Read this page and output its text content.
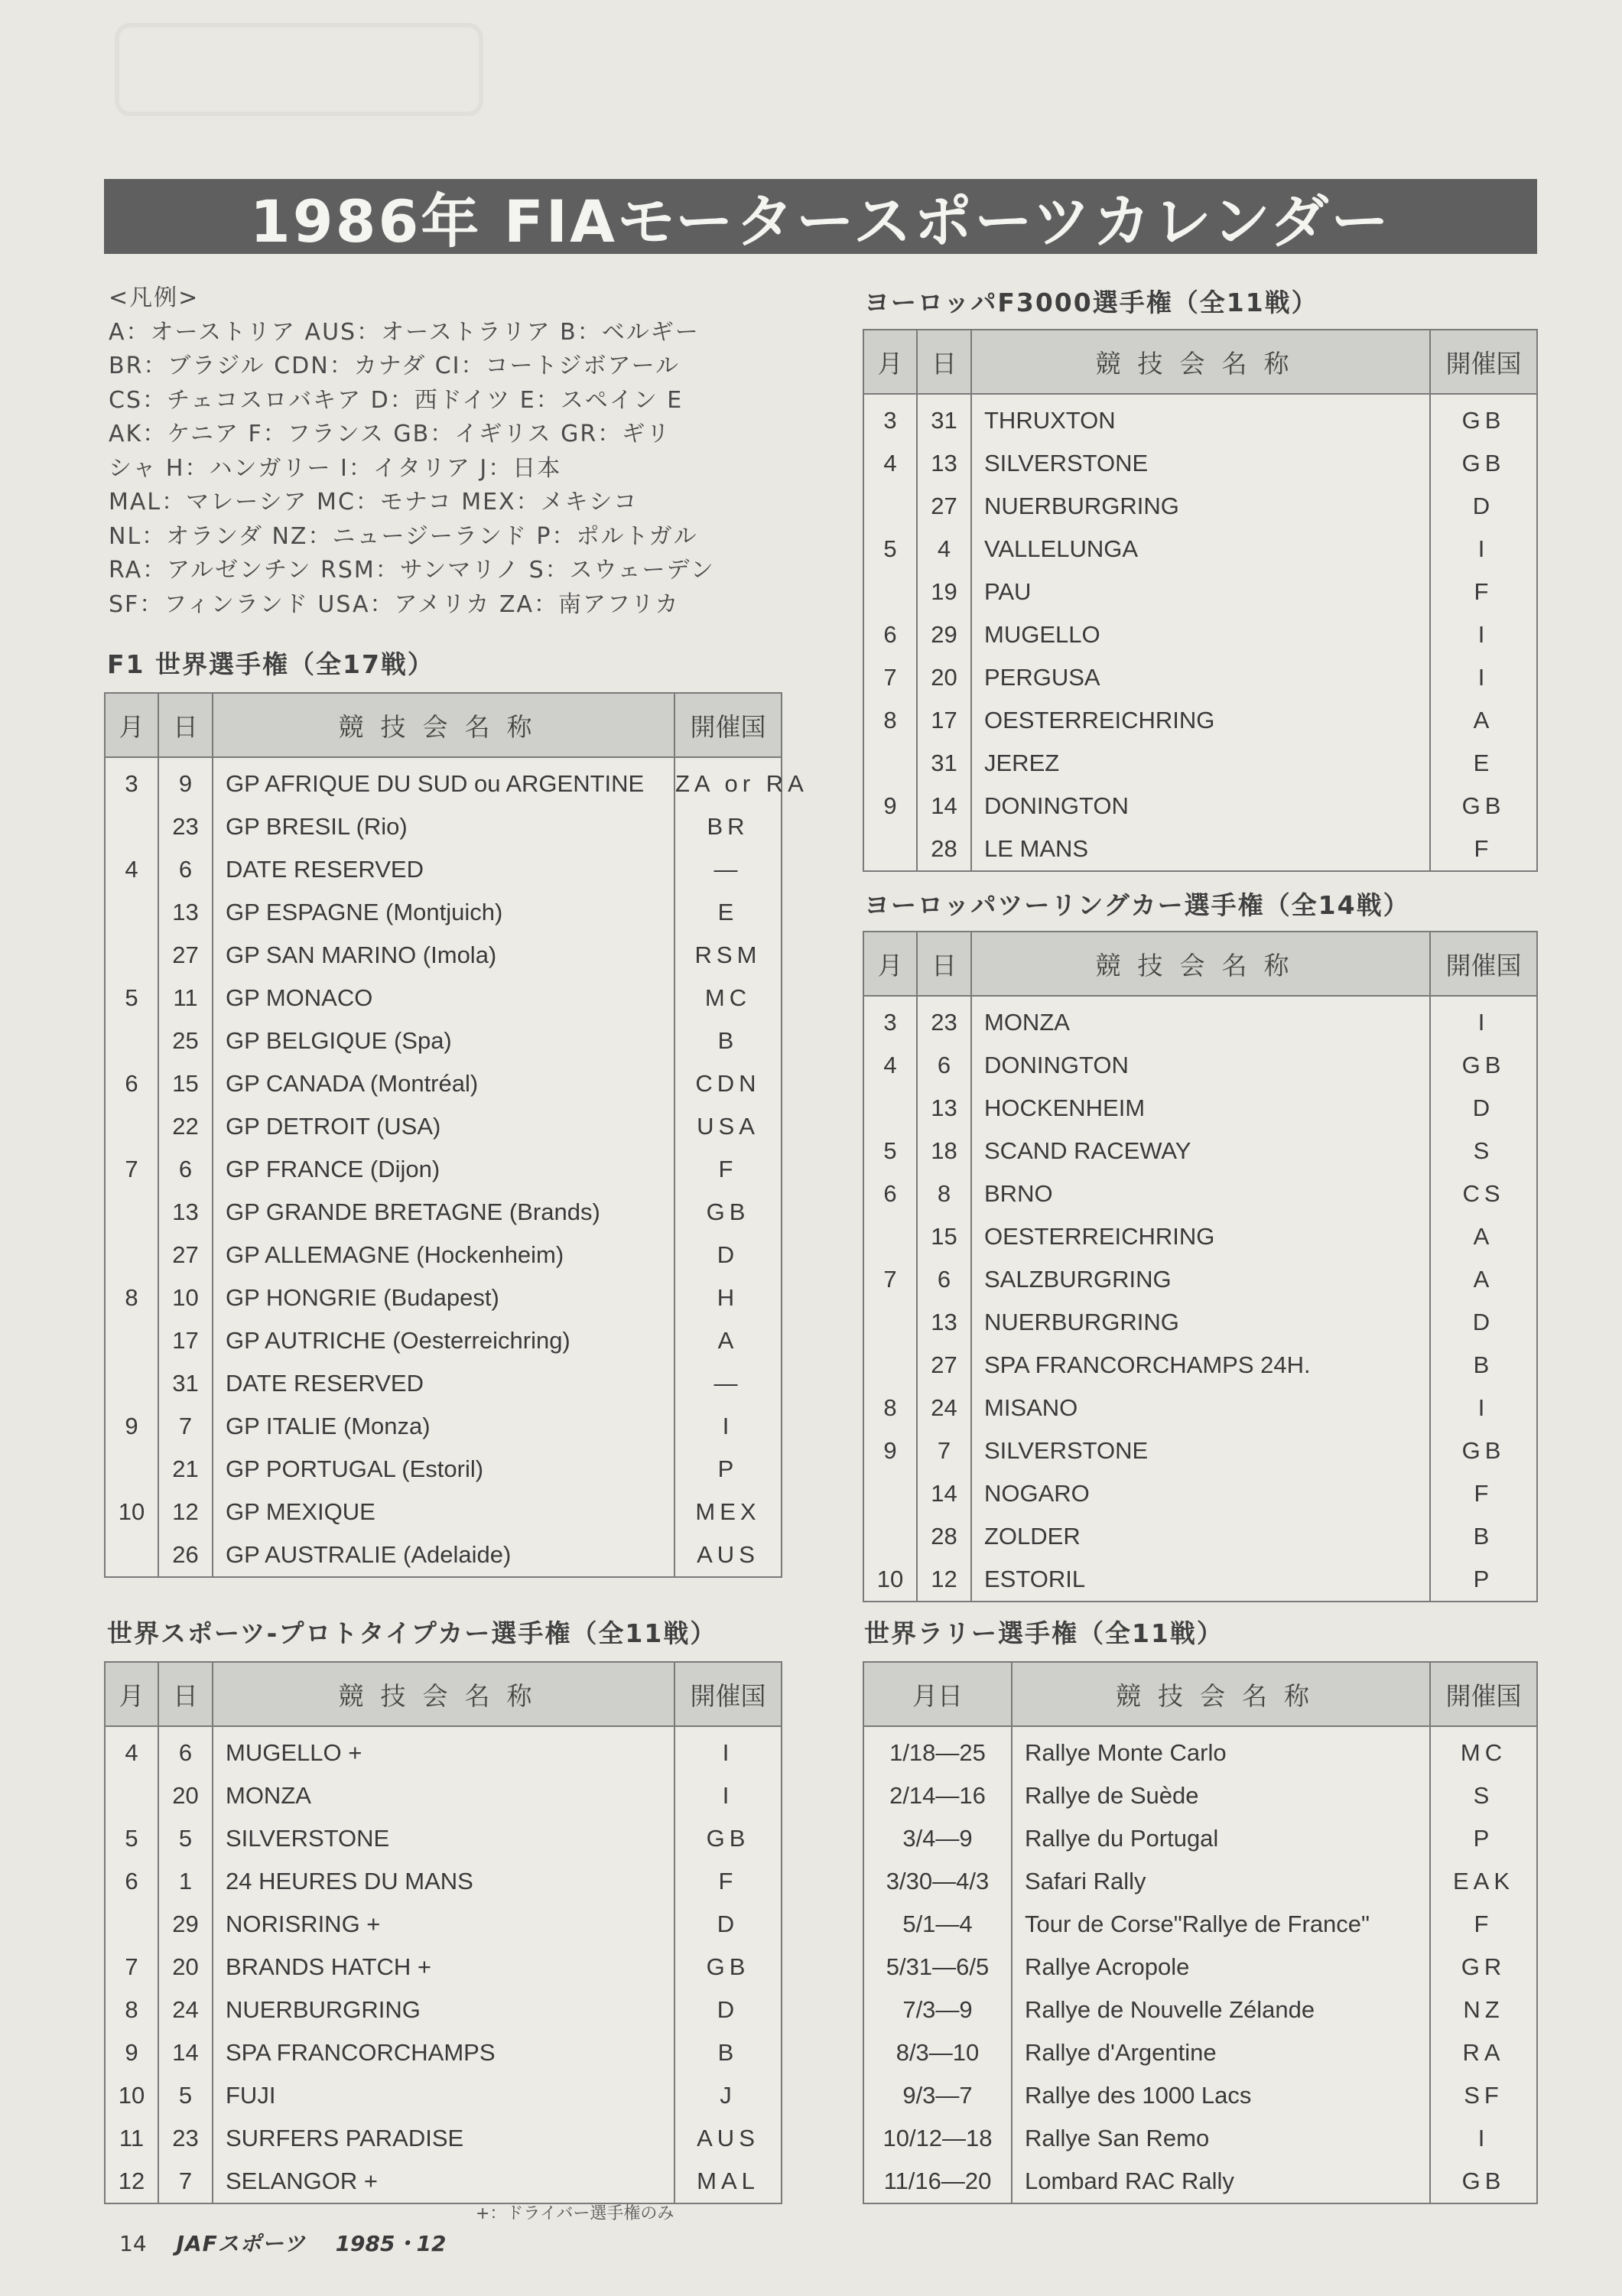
1986年 FIAモータースポーツカレンダー
<凡例>
A：オーストリア AUS：オーストラリア B：ベルギー
BR：ブラジル CDN：カナダ CI：コートジボアール
CS：チェコスロバキア D：西ドイツ E：スペイン E
AK：ケニア F：フランス GB：イギリス GR：ギリ
シャ H：ハンガリー I：イタリア J：日本
MAL：マレーシア MC：モナコ MEX：メキシコ
NL：オランダ NZ：ニュージーランド P：ポルトガル
RA：アルゼンチン RSM：サンマリノ S：スウェーデン
SF：フィンランド USA：アメリカ ZA：南アフリカ
F1 世界選手権（全17戦）
月	日	競技会名称	開催国
3	9	GP AFRIQUE DU SUD ou ARGENTINE	ZA or RA
	23	GP BRESIL (Rio)	BR
4	6	DATE RESERVED	—
	13	GP ESPAGNE (Montjuich)	E
	27	GP SAN MARINO (Imola)	RSM
5	11	GP MONACO	MC
	25	GP BELGIQUE (Spa)	B
6	15	GP CANADA (Montréal)	CDN
	22	GP DETROIT (USA)	USA
7	6	GP FRANCE (Dijon)	F
	13	GP GRANDE BRETAGNE (Brands)	GB
	27	GP ALLEMAGNE (Hockenheim)	D
8	10	GP HONGRIE (Budapest)	H
	17	GP AUTRICHE (Oesterreichring)	A
	31	DATE RESERVED	—
9	7	GP ITALIE (Monza)	I
	21	GP PORTUGAL (Estoril)	P
10	12	GP MEXIQUE	MEX
	26	GP AUSTRALIE (Adelaide)	AUS
世界スポーツ-プロトタイプカー選手権（全11戦）
月	日	競技会名称	開催国
4	6	MUGELLO +	I
	20	MONZA	I
5	5	SILVERSTONE	GB
6	1	24 HEURES DU MANS	F
	29	NORISRING +	D
7	20	BRANDS HATCH +	GB
8	24	NUERBURGRING	D
9	14	SPA FRANCORCHAMPS	B
10	5	FUJI	J
11	23	SURFERS PARADISE	AUS
12	7	SELANGOR +	MAL
+：ドライバー選手権のみ
ヨーロッパF3000選手権（全11戦）
月	日	競技会名称	開催国
3	31	THRUXTON	GB
4	13	SILVERSTONE	GB
	27	NUERBURGRING	D
5	4	VALLELUNGA	I
	19	PAU	F
6	29	MUGELLO	I
7	20	PERGUSA	I
8	17	OESTERREICHRING	A
	31	JEREZ	E
9	14	DONINGTON	GB
	28	LE MANS	F
ヨーロッパツーリングカー選手権（全14戦）
月	日	競技会名称	開催国
3	23	MONZA	I
4	6	DONINGTON	GB
	13	HOCKENHEIM	D
5	18	SCAND RACEWAY	S
6	8	BRNO	CS
	15	OESTERREICHRING	A
7	6	SALZBURGRING	A
	13	NUERBURGRING	D
	27	SPA FRANCORCHAMPS 24H.	B
8	24	MISANO	I
9	7	SILVERSTONE	GB
	14	NOGARO	F
	28	ZOLDER	B
10	12	ESTORIL	P
世界ラリー選手権（全11戦）
月日	競技会名称	開催国
1/18—25	Rallye Monte Carlo	MC
2/14—16	Rallye de Suède	S
3/4—9	Rallye du Portugal	P
3/30—4/3	Safari Rally	EAK
5/1—4	Tour de Corse"Rallye de France"	F
5/31—6/5	Rallye Acropole	GR
7/3—9	Rallye de Nouvelle Zélande	NZ
8/3—10	Rallye d'Argentine	RA
9/3—7	Rallye des 1000 Lacs	SF
10/12—18	Rallye San Remo	I
11/16—20	Lombard RAC Rally	GB
14 JAFスポーツ 1985・12
